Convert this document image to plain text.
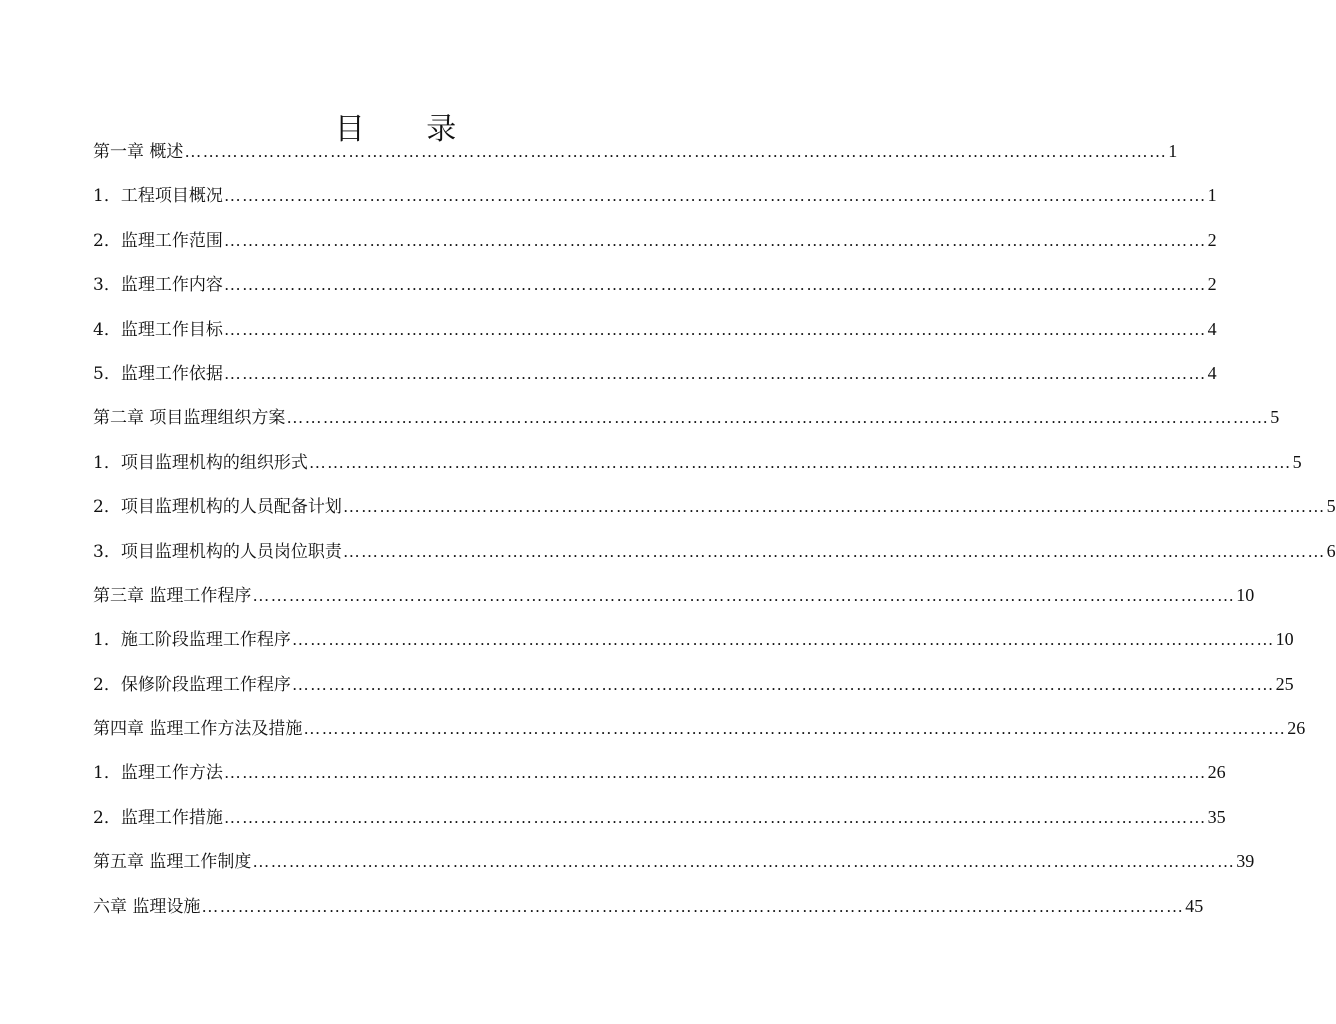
目 录
第一章 概述 ……………………………………………………………………………………………………………………………………………… 1
1．工程项目概况 ……………………………………………………………………………………………………………………………………………… 1
2．监理工作范围 ……………………………………………………………………………………………………………………………………………… 2
3．监理工作内容 ……………………………………………………………………………………………………………………………………………… 2
4．监理工作目标 ……………………………………………………………………………………………………………………………………………… 4
5．监理工作依据 ……………………………………………………………………………………………………………………………………………… 4
第二章 项目监理组织方案 ……………………………………………………………………………………………………………………………………………… 5
1．项目监理机构的组织形式 ……………………………………………………………………………………………………………………………………………… 5
2．项目监理机构的人员配备计划 ……………………………………………………………………………………………………………………………………………… 5
3．项目监理机构的人员岗位职责 ……………………………………………………………………………………………………………………………………………… 6
第三章 监理工作程序 ……………………………………………………………………………………………………………………………………………… 10
1．施工阶段监理工作程序 ……………………………………………………………………………………………………………………………………………… 10
2．保修阶段监理工作程序 ……………………………………………………………………………………………………………………………………………… 25
第四章 监理工作方法及措施 ……………………………………………………………………………………………………………………………………………… 26
1．监理工作方法 ……………………………………………………………………………………………………………………………………………… 26
2．监理工作措施 ……………………………………………………………………………………………………………………………………………… 35
第五章 监理工作制度 ……………………………………………………………………………………………………………………………………………… 39
六章 监理设施 ……………………………………………………………………………………………………………………………………………… 45
